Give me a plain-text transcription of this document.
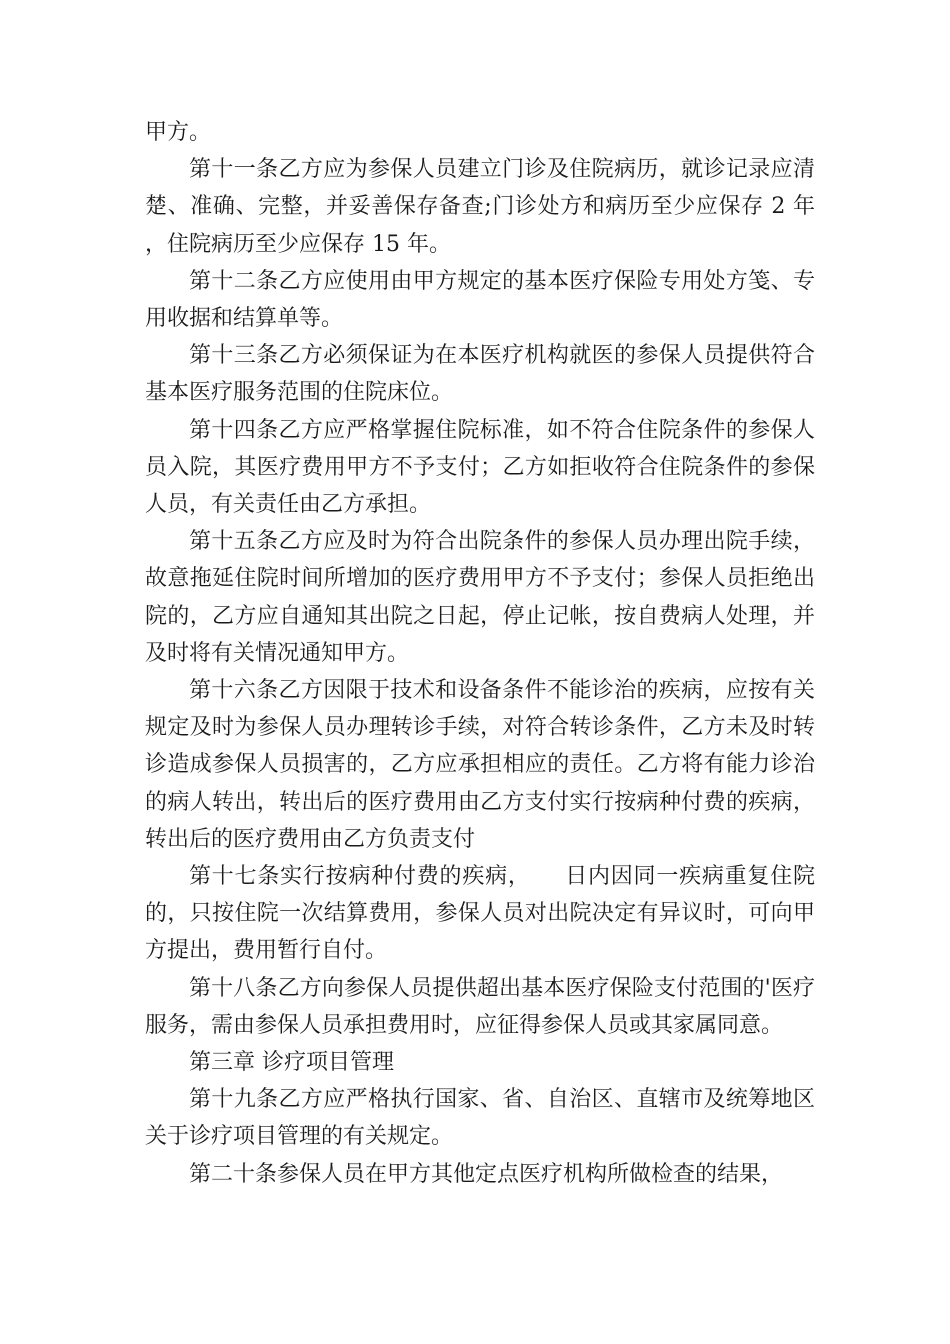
甲方。

第十一条乙方应为参保人员建立门诊及住院病历，就诊记录应清楚、准确、完整，并妥善保存备查;门诊处方和病历至少应保存 2 年，住院病历至少应保存 15 年。

第十二条乙方应使用由甲方规定的基本医疗保险专用处方笺、专用收据和结算单等。

第十三条乙方必须保证为在本医疗机构就医的参保人员提供符合基本医疗服务范围的住院床位。

第十四条乙方应严格掌握住院标准，如不符合住院条件的参保人员入院，其医疗费用甲方不予支付；乙方如拒收符合住院条件的参保人员，有关责任由乙方承担。

第十五条乙方应及时为符合出院条件的参保人员办理出院手续，故意拖延住院时间所增加的医疗费用甲方不予支付；参保人员拒绝出院的，乙方应自通知其出院之日起，停止记帐，按自费病人处理，并及时将有关情况通知甲方。

第十六条乙方因限于技术和设备条件不能诊治的疾病，应按有关规定及时为参保人员办理转诊手续，对符合转诊条件，乙方未及时转诊造成参保人员损害的，乙方应承担相应的责任。乙方将有能力诊治的病人转出，转出后的医疗费用由乙方支付实行按病种付费的疾病，转出后的医疗费用由乙方负责支付

第十七条实行按病种付费的疾病，　　日内因同一疾病重复住院的，只按住院一次结算费用，参保人员对出院决定有异议时，可向甲方提出，费用暂行自付。

第十八条乙方向参保人员提供超出基本医疗保险支付范围的'医疗服务，需由参保人员承担费用时，应征得参保人员或其家属同意。

第三章 诊疗项目管理

第十九条乙方应严格执行国家、省、自治区、直辖市及统筹地区关于诊疗项目管理的有关规定。

第二十条参保人员在甲方其他定点医疗机构所做检查的结果，
